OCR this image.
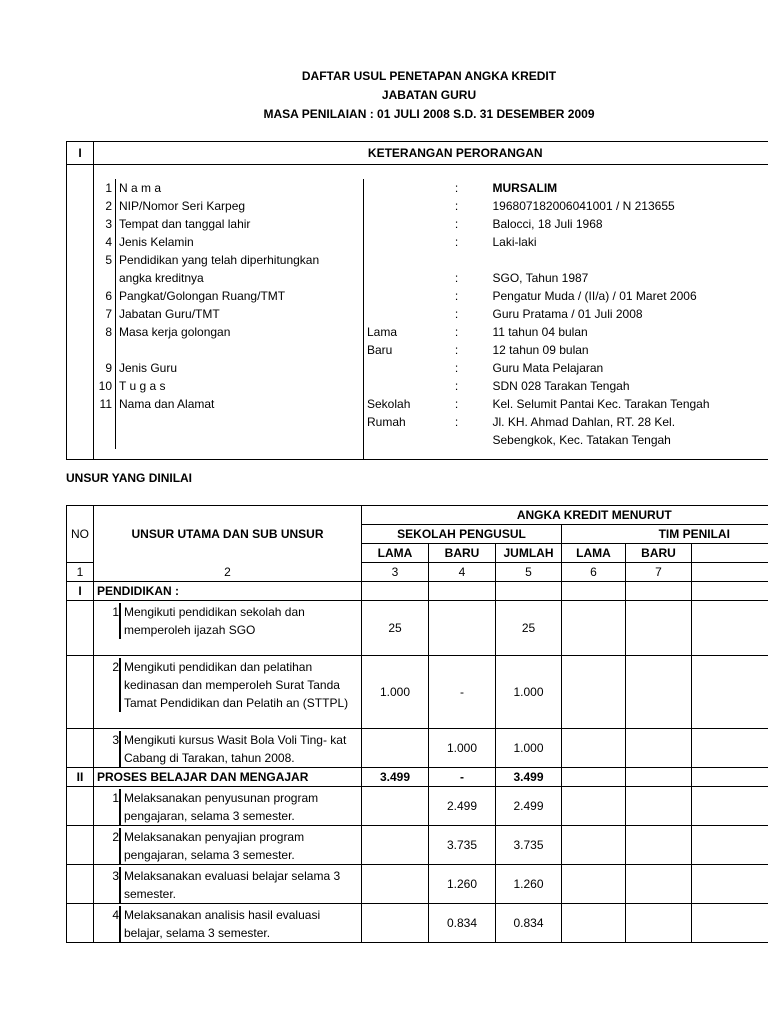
DAFTAR USUL PENETAPAN ANGKA KREDIT
JABATAN GURU
MASA PENILAIAN : 01 JULI 2008 S.D. 31 DESEMBER 2009
I	KETERANGAN PERORANGAN				

	1	N a m a		:	MURSALIM
	2	NIP/Nomor Seri Karpeg		:	196807182006041001 / N 213655
	3	Tempat dan tanggal lahir		:	Balocci, 18 Juli 1968
	4	Jenis Kelamin		:	Laki-laki
	5	Pendidikan yang telah diperhitungkan			
		angka kreditnya		:	SGO, Tahun 1987
	6	Pangkat/Golongan Ruang/TMT		:	Pengatur Muda / (II/a) / 01 Maret 2006
	7	Jabatan Guru/TMT		:	Guru Pratama / 01 Juli 2008
	8	Masa kerja golongan	Lama	:	11 tahun 04 bulan
			Baru	:	12 tahun 09 bulan
	9	Jenis Guru		:	Guru Mata Pelajaran
	10	T u g a s		:	SDN 028 Tarakan Tengah
	11	Nama dan Alamat	Sekolah	:	Kel. Selumit Pantai Kec. Tarakan Tengah
			Rumah	:	Jl. KH. Ahmad Dahlan, RT. 28 Kel.
					Sebengkok, Kec. Tatakan Tengah

UNSUR YANG DINILAI
NO	UNSUR UTAMA DAN SUB UNSUR	ANGKA KREDIT MENURUT					
		SEKOLAH PENGUSUL			TIM PENILAI		
		LAMA	BARU	JUMLAH	LAMA	BARU	
1	2	3	4	5	6	7	
I	PENDIDIKAN :						

	1 Mengikuti pendidikan sekolah dan memperoleh ijazah SGO	25		25			

	2 Mengikuti pendidikan dan pelatihan kedinasan dan memperoleh Surat Tanda Tamat Pendidikan dan Pelatih an (STTPL)	1.000	-	1.000			

	3 Mengikuti kursus Wasit Bola Voli Ting- kat Cabang di Tarakan, tahun 2008.		1.000	1.000			
II	PROSES BELAJAR DAN MENGAJAR	3.499	-	3.499			

	1 Melaksanakan penyusunan program pengajaran, selama 3 semester.		2.499	2.499			

	2 Melaksanakan penyajian program pengajaran, selama 3 semester.		3.735	3.735			

	3 Melaksanakan evaluasi belajar selama 3 semester.		1.260	1.260			

	4 Melaksanakan analisis hasil evaluasi belajar, selama 3 semester.		0.834	0.834			
